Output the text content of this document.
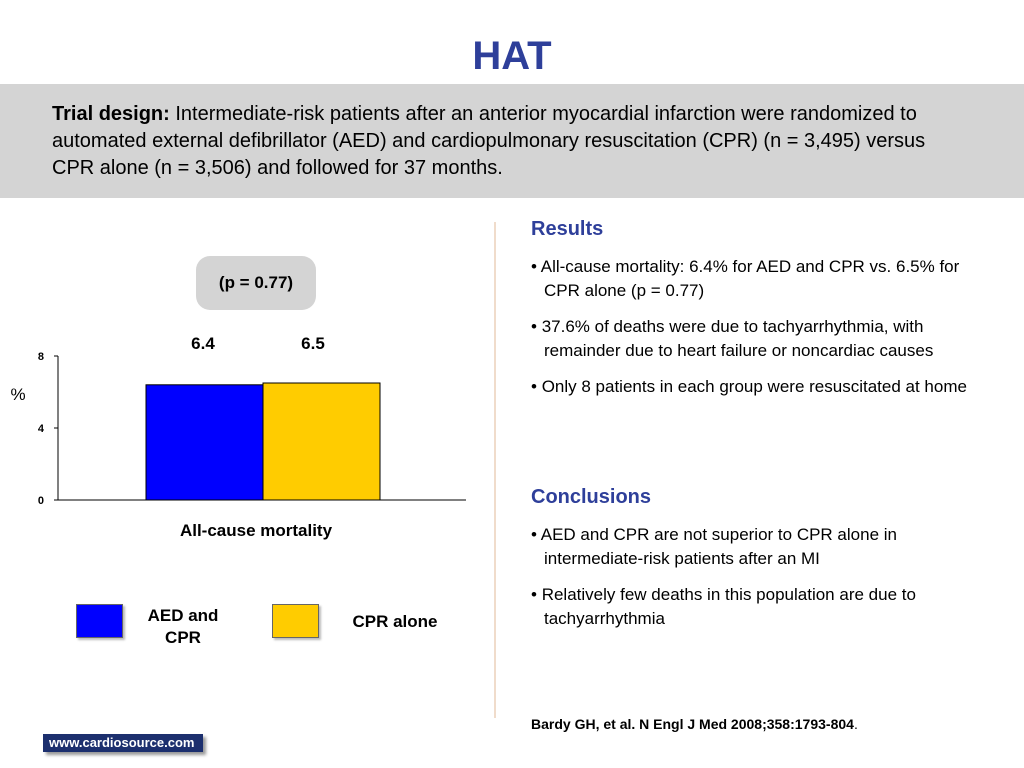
HAT
Trial design: Intermediate-risk patients after an anterior myocardial infarction were randomized to automated external defibrillator (AED) and cardiopulmonary resuscitation (CPR) (n = 3,495) versus CPR alone (n = 3,506) and followed for 37 months.
(p = 0.77)
0
4
8
6.4	6.5
%
All-cause mortality
AED and CPR
CPR alone
Results
• All-cause mortality: 6.4% for AED and CPR vs. 6.5% for CPR alone (p = 0.77)
• 37.6% of deaths were due to tachyarrhythmia, with remainder due to heart failure or noncardiac causes
• Only 8 patients in each group were resuscitated at home
Conclusions
• AED and CPR are not superior to CPR alone in intermediate-risk patients after an MI
• Relatively few deaths in this population are due to tachyarrhythmia
Bardy GH, et al. N Engl J Med 2008;358:1793-804.
www.cardiosource.com
